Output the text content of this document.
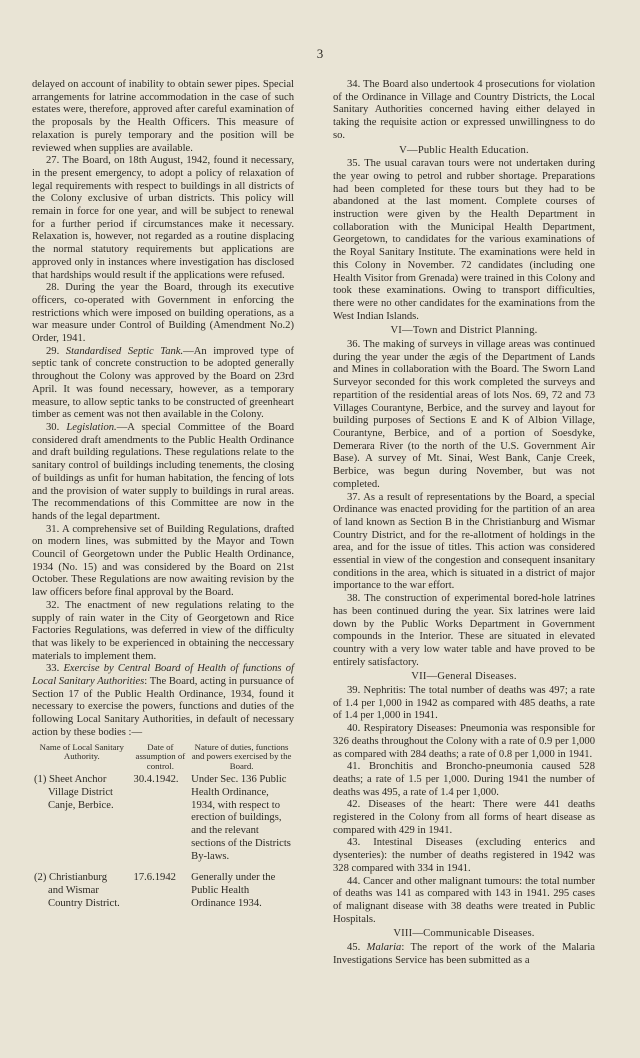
3

delayed on account of inability to obtain sewer pipes. Special arrangements for latrine accommodation in the case of such estates were, therefore, approved after careful examination of the proposals by the Health Officers. This measure of relaxation is purely temporary and the position will be reviewed when supplies are available.

27. The Board, on 18th August, 1942, found it necessary, in the present emergency, to adopt a policy of relaxation of legal requirements with respect to buildings in all districts of the Colony exclusive of urban districts. This policy will remain in force for one year, and will be subject to renewal for a further period if circumstances make it necessary. Relaxation is, however, not regarded as a routine displacing the normal statutory requirements but applications are approved only in instances where investigation has disclosed that hardships would result if the applications were refused.

28. During the year the Board, through its executive officers, co-operated with Government in enforcing the restrictions which were imposed on building operations, as a war measure under Control of Building (Amendment No.2) Order, 1941.

29. Standardised Septic Tank.—An improved type of septic tank of concrete construction to be adopted generally throughout the Colony was approved by the Board on 23rd April. It was found necessary, however, as a temporary measure, to allow septic tanks to be constructed of greenheart timber as cement was not then available in the Colony.

30. Legislation.—A special Committee of the Board considered draft amendments to the Public Health Ordinance and draft building regulations. These regulations relate to the sanitary control of buildings including tenements, the closing of buildings as unfit for human habitation, the fencing of lots and the provision of water supply to buildings in rural areas. The recommendations of this Committee are now in the hands of the legal department.

31. A comprehensive set of Building Regulations, drafted on modern lines, was submitted by the Mayor and Town Council of Georgetown under the Public Health Ordinance, 1934 (No. 15) and was considered by the Board on 21st October. These Regulations are now awaiting revision by the law officers before final approval by the Board.

32. The enactment of new regulations relating to the supply of rain water in the City of Georgetown and Rice Factories Regulations, was deferred in view of the difficulty that was likely to be experienced in obtaining the neccessary materials to implement them.

33. Exercise by Central Board of Health of functions of Local Sanitary Authorities: The Board, acting in pursuance of Section 17 of the Public Health Ordinance, 1934, found it necessary to exercise the powers, functions and duties of the following Local Sanitary Authorities, in default of necessary action by these bodies :—

Name of Local Sanitary Authority.	Date of assumption of control.	Nature of duties, functions and powers exercised by the Board.

(1) Sheet Anchor
Village District Canje, Berbice.	30.4.1942.	Under Sec. 136 Public Health Ordinance, 1934, with respect to erection of buildings, and the relevant sections of the Districts By-laws.

(2) Christianburg
and Wismar Country District.	17.6.1942	Generally under the Public Health Ordinance 1934.

34. The Board also undertook 4 prosecutions for violation of the Ordinance in Village and Country Districts, the Local Sanitary Authorities concerned having either delayed in taking the requisite action or expressed unwillingness to do so.

V—Public Health Education.

35. The usual caravan tours were not undertaken during the year owing to petrol and rubber shortage. Preparations had been completed for these tours but they had to be abandoned at the last moment. Complete courses of instruction were given by the Health Department in collaboration with the Municipal Health Department, Georgetown, to candidates for the various examinations of the Royal Sanitary Institute. The examinations were held in this Colony in November. 72 candidates (including one Health Visitor from Grenada) were trained in this Colony and took these examinations. Owing to transport difficulties, there were no other candidates for the examinations from the West Indian Islands.

VI—Town and District Planning.

36. The making of surveys in village areas was continued during the year under the ægis of the Department of Lands and Mines in collaboration with the Board. The Sworn Land Surveyor seconded for this work completed the surveys and repartition of the residential areas of lots Nos. 69, 72 and 73 Villages Courantyne, Berbice, and the survey and layout for building purposes of Sections E and K of Albion Village, Courantyne, Berbice, and of a portion of Soesdyke, Demerara River (to the north of the U.S. Government Air Base). A survey of Mt. Sinai, West Bank, Canje Creek, Berbice, was begun during November, but was not completed.

37. As a result of representations by the Board, a special Ordinance was enacted providing for the partition of an area of land known as Section B in the Christianburg and Wismar Country District, and for the re-allotment of holdings in the area, and for the issue of titles. This action was considered essential in view of the congestion and consequent insanitary conditions in the area, which is situated in a district of major importance to the war effort.

38. The construction of experimental bored-hole latrines has been continued during the year. Six latrines were laid down by the Public Works Department in Government compounds in the Interior. These are situated in elevated country with a very low water table and have proved to be entirely satisfactory.

VII—General Diseases.

39. Nephritis: The total number of deaths was 497; a rate of 1.4 per 1,000 in 1942 as compared with 485 deaths, a rate of 1.4 per 1,000 in 1941.

40. Respiratory Diseases: Pneumonia was responsible for 326 deaths throughout the Colony with a rate of 0.9 per 1,000 as compared with 284 deaths; a rate of 0.8 per 1,000 in 1941.

41. Bronchitis and Broncho-pneumonia caused 528 deaths; a rate of 1.5 per 1,000. During 1941 the number of deaths was 495, a rate of 1.4 per 1,000.

42. Diseases of the heart: There were 441 deaths registered in the Colony from all forms of heart disease as compared with 429 in 1941.

43. Intestinal Diseases (excluding enterics and dysenteries): the number of deaths registered in 1942 was 328 compared with 334 in 1941.

44. Cancer and other malignant tumours: the total number of deaths was 141 as compared with 143 in 1941. 295 cases of malignant disease with 38 deaths were treated in Public Hospitals.

VIII—Communicable Diseases.

45. Malaria: The report of the work of the Malaria Investigations Service has been submitted as a
